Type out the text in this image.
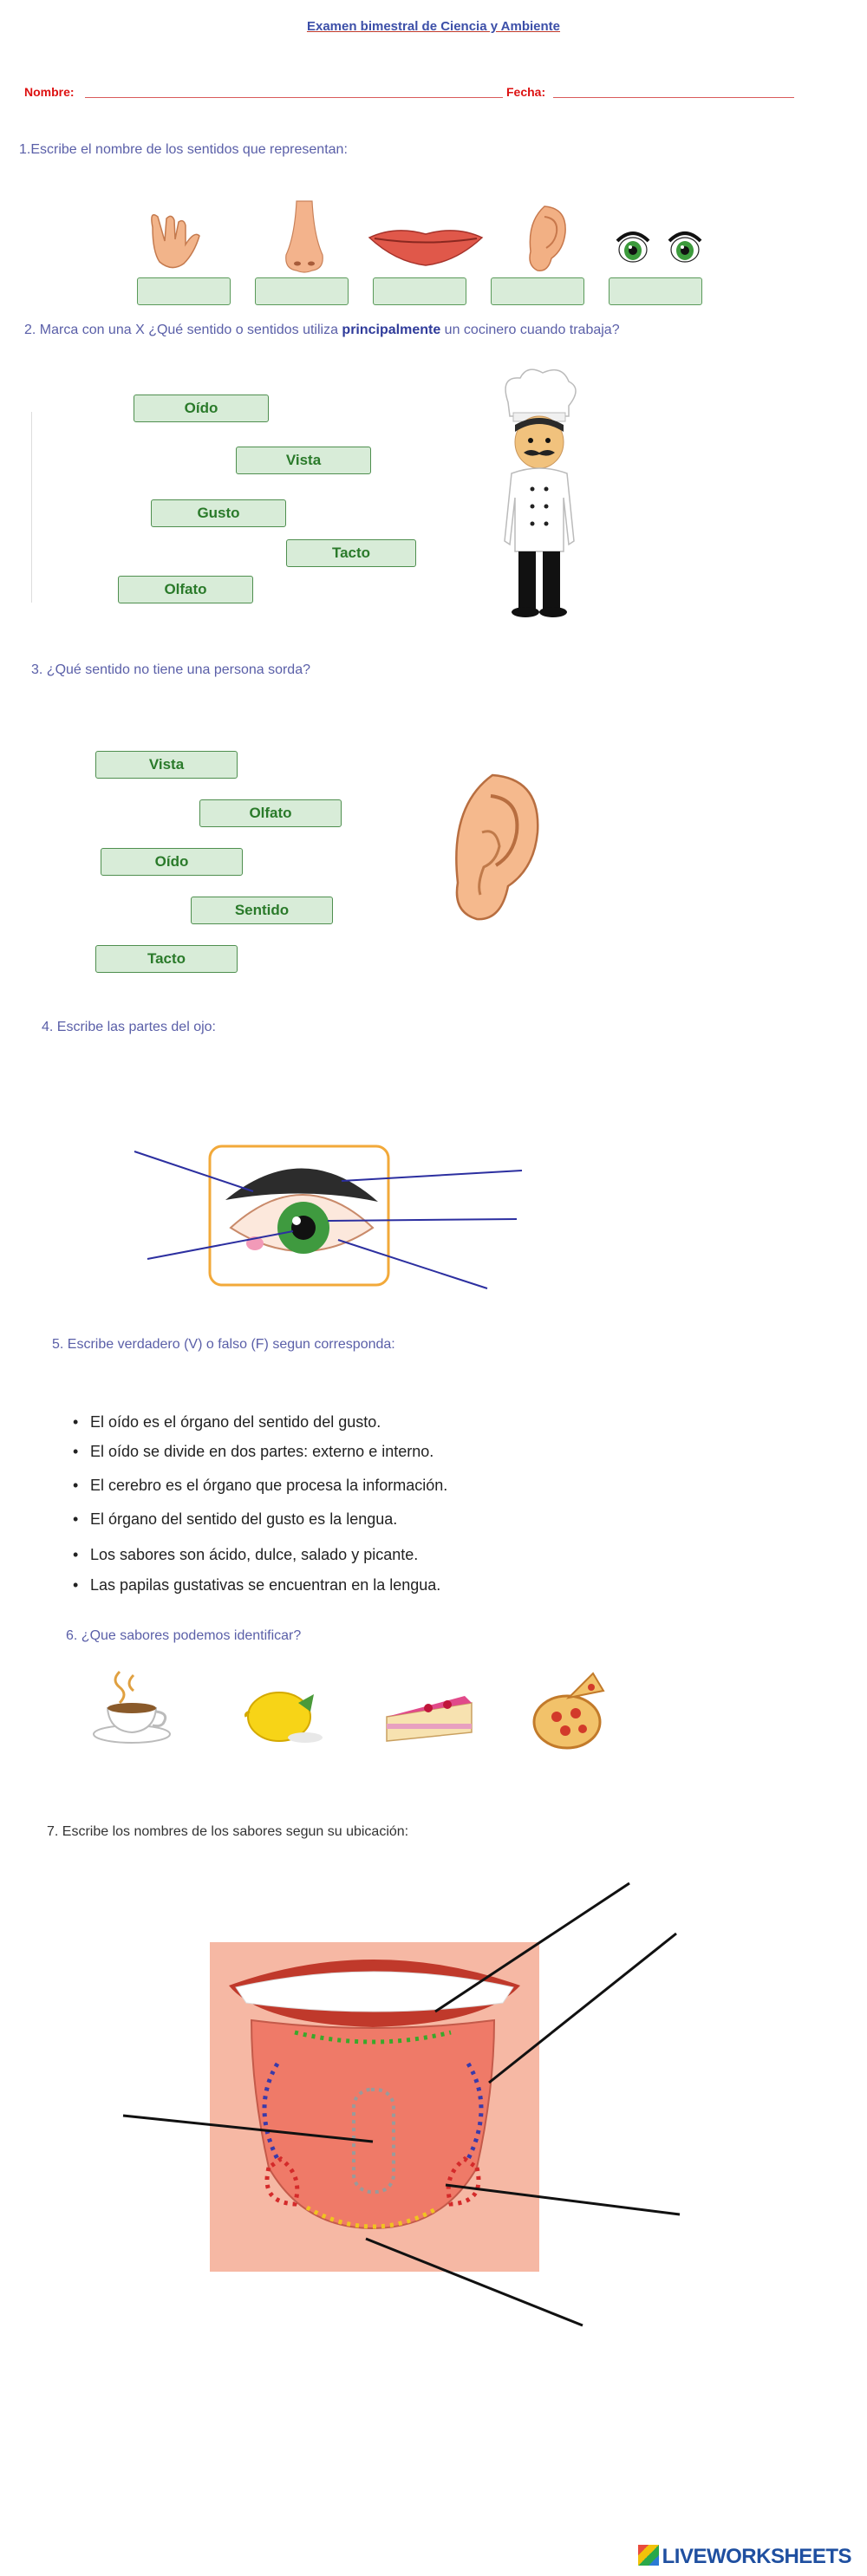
Examen bimestral de Ciencia y Ambiente
Nombre:	Fecha:
1.Escribe el nombre de los sentidos que representan:
2. Marca con una X ¿Qué sentido o sentidos utiliza principalmente un cocinero cuando trabaja?
Oído
Vista
Gusto
Tacto
Olfato
3. ¿Qué sentido no tiene una persona sorda?
Vista
Olfato
Oído
Sentido
Tacto
4. Escribe las partes del ojo:
5. Escribe verdadero (V) o falso (F) segun corresponda:
• El oído es el órgano del sentido del gusto.
• El oído se divide en dos partes: externo e interno.
• El cerebro es el órgano que procesa la información.
• El órgano del sentido del gusto es la lengua.
• Los sabores son ácido, dulce, salado y picante.
• Las papilas gustativas se encuentran en la lengua.
6. ¿Que sabores podemos identificar?
7. Escribe los nombres de los sabores segun su ubicación:
LIVEWORKSHEETS
